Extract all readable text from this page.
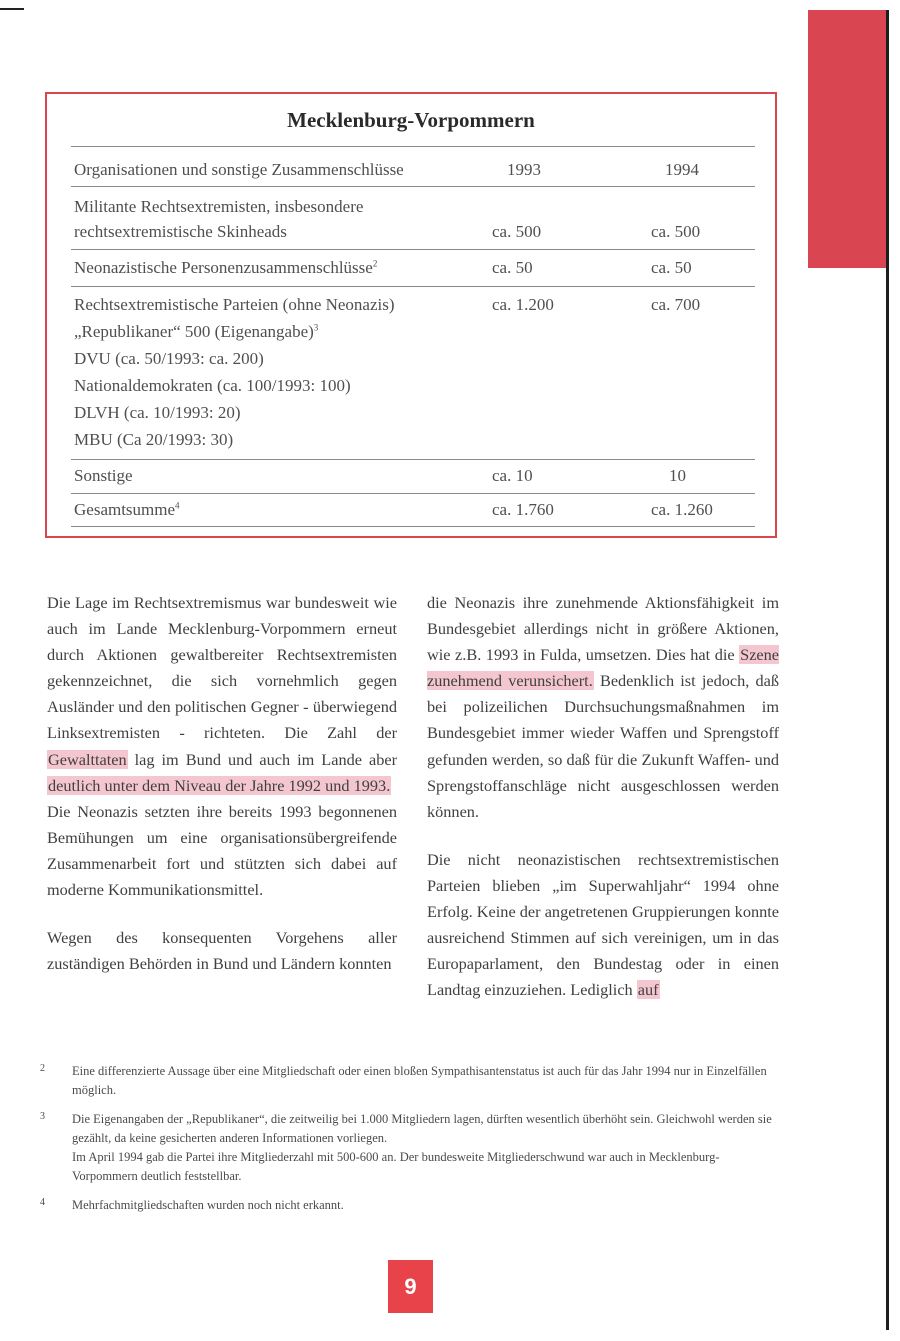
Mecklenburg-Vorpommern
Organisationen und sonstige Zusammenschlüsse	1993	1994
Militante Rechtsextremisten, insbesondere
rechtsextremistische Skinheads	ca. 500	ca. 500
Neonazistische Personenzusammenschlüsse$^2$	ca. 50	ca. 50
Rechtsextremistische Parteien (ohne Neonazis)	ca. 1.200	ca. 700
„Republikaner“ 500 (Eigenangabe)$^3$
DVU (ca. 50/1993: ca. 200)
Nationaldemokraten (ca. 100/1993: 100)
DLVH (ca. 10/1993: 20)
MBU (Ca 20/1993: 30)
Sonstige	ca. 10	10
Gesamtsumme$^4$	ca. 1.760	ca. 1.260
Die Lage im Rechtsextremismus war bundesweit wie auch im Lande Mecklenburg-Vorpommern erneut durch Aktionen gewaltbereiter Rechtsextremisten gekennzeichnet, die sich vornehmlich gegen Ausländer und den politischen Gegner - überwiegend Linksextremisten - richteten. Die Zahl der Gewalttaten lag im Bund und auch im Lande aber deutlich unter dem Niveau der Jahre 1992 und 1993.
Die Neonazis setzten ihre bereits 1993 begonnenen Bemühungen um eine organisationsübergreifende Zusammenarbeit fort und stützten sich dabei auf moderne Kommunikationsmittel.
Wegen des konsequenten Vorgehens aller zuständigen Behörden in Bund und Ländern konnten
die Neonazis ihre zunehmende Aktionsfähigkeit im Bundesgebiet allerdings nicht in größere Aktionen, wie z.B. 1993 in Fulda, umsetzen. Dies hat die Szene zunehmend verunsichert. Bedenklich ist jedoch, daß bei polizeilichen Durchsuchungsmaßnahmen im Bundesgebiet immer wieder Waffen und Sprengstoff gefunden werden, so daß für die Zukunft Waffen- und Sprengstoffanschläge nicht ausgeschlossen werden können.
Die nicht neonazistischen rechtsextremistischen Parteien blieben „im Superwahljahr“ 1994 ohne Erfolg. Keine der angetretenen Gruppierungen konnte ausreichend Stimmen auf sich vereinigen, um in das Europaparlament, den Bundestag oder in einen Landtag einzuziehen. Lediglich auf
2 Eine differenzierte Aussage über eine Mitgliedschaft oder einen bloßen Sympathisantenstatus ist auch für das Jahr 1994 nur in Einzelfällen möglich.

3 Die Eigenangaben der „Republikaner“, die zeitweilig bei 1.000 Mitgliedern lagen, dürften wesentlich überhöht sein. Gleichwohl werden sie gezählt, da keine gesicherten anderen Informationen vorliegen.

Im April 1994 gab die Partei ihre Mitgliederzahl mit 500-600 an. Der bundesweite Mitgliederschwund war auch in Mecklenburg-Vorpommern deutlich feststellbar.

4 Mehrfachmitgliedschaften wurden noch nicht erkannt.

9
